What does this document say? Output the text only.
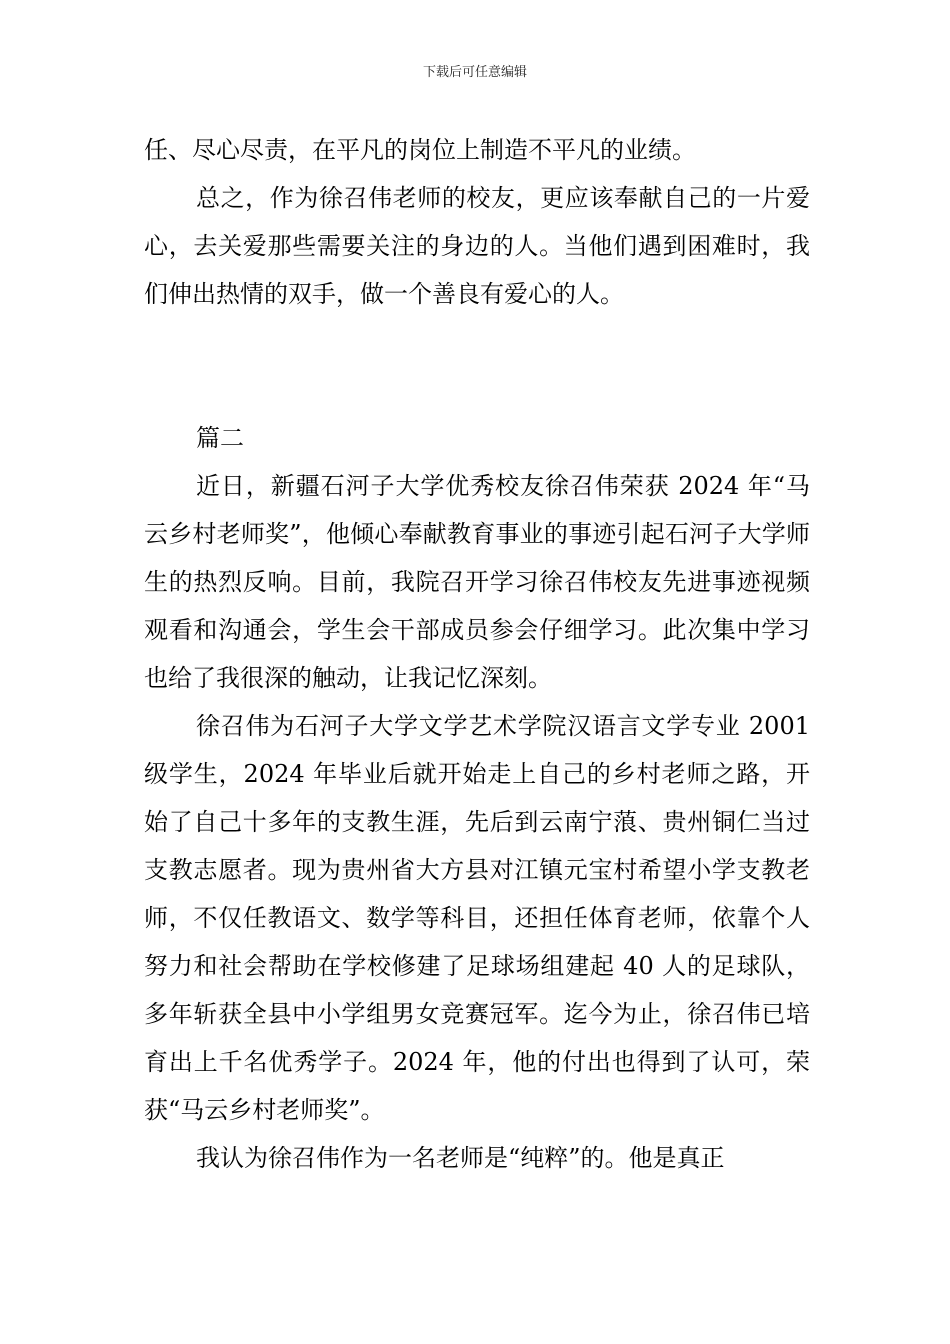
下载后可任意编辑

任、尽心尽责，在平凡的岗位上制造不平凡的业绩。

总之，作为徐召伟老师的校友，更应该奉献自己的一片爱心，去关爱那些需要关注的身边的人。当他们遇到困难时，我们伸出热情的双手，做一个善良有爱心的人。

篇二

近日，新疆石河子大学优秀校友徐召伟荣获 2024 年“马云乡村老师奖”，他倾心奉献教育事业的事迹引起石河子大学师生的热烈反响。目前，我院召开学习徐召伟校友先进事迹视频观看和沟通会，学生会干部成员参会仔细学习。此次集中学习也给了我很深的触动，让我记忆深刻。

徐召伟为石河子大学文学艺术学院汉语言文学专业 2001 级学生，2024 年毕业后就开始走上自己的乡村老师之路，开始了自己十多年的支教生涯，先后到云南宁蒗、贵州铜仁当过支教志愿者。现为贵州省大方县对江镇元宝村希望小学支教老师，不仅任教语文、数学等科目，还担任体育老师，依靠个人努力和社会帮助在学校修建了足球场组建起 40 人的足球队，多年斩获全县中小学组男女竞赛冠军。迄今为止，徐召伟已培育出上千名优秀学子。2024 年，他的付出也得到了认可，荣获“马云乡村老师奖”。

我认为徐召伟作为一名老师是“纯粹”的。他是真正
